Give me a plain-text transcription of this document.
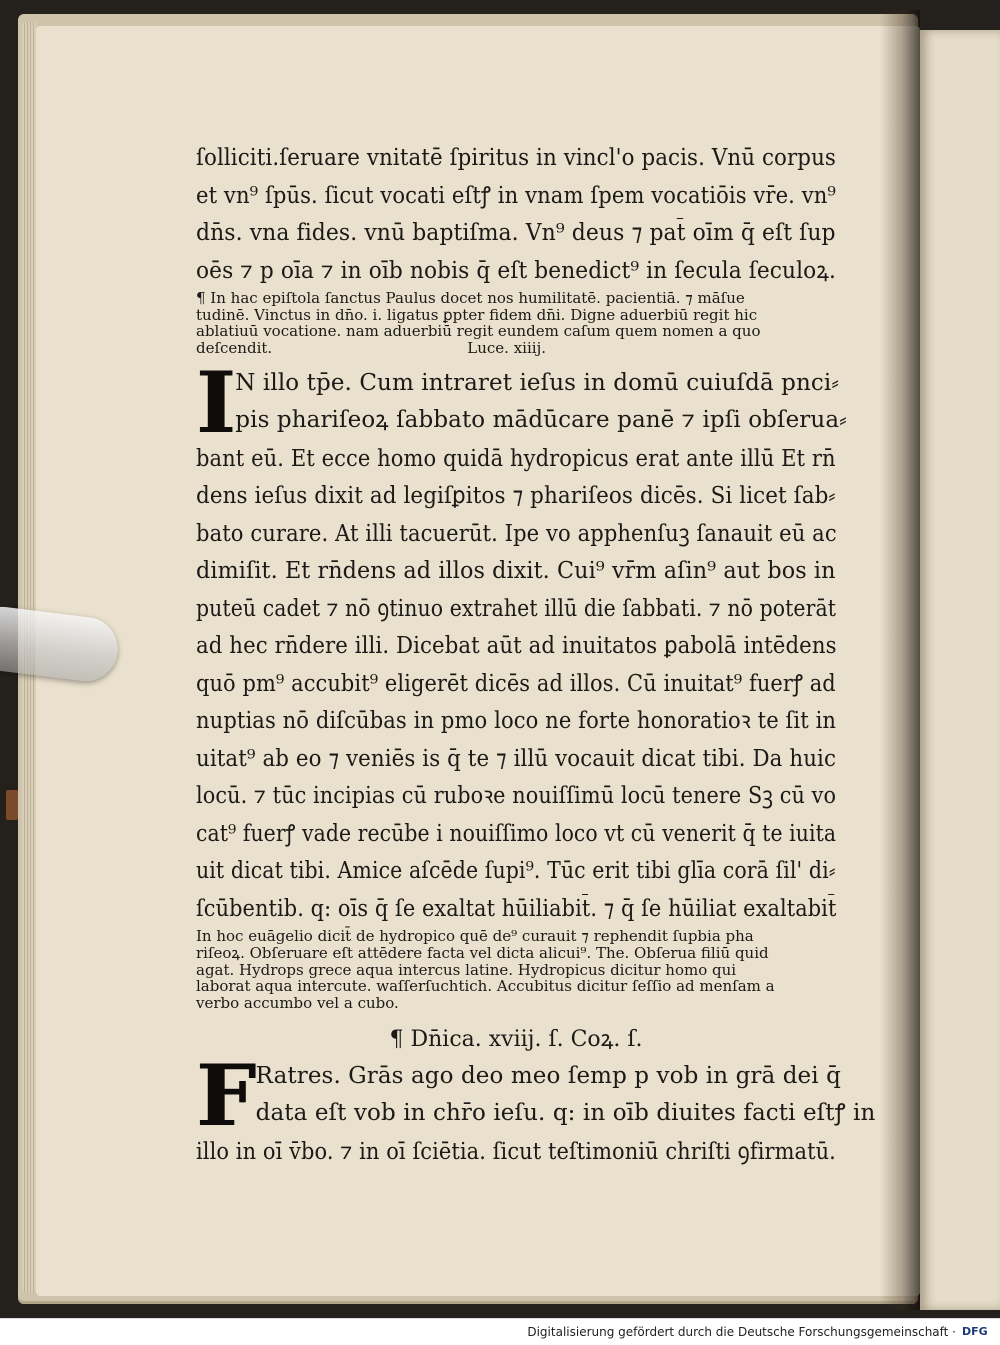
ſolliciti.ſeruare vnitatē ſpiritus in vincl'o pacis. Vnū corpus
et vn⁹ ſpūs. ſicut vocati eſtꝭ in vnam ſpem vocatiōis vr̄e. vn⁹
dn̄s. vna fides. vnū baptiſma. Vn⁹ deus ⁊ pat̄ oīm q̄ eſt ſup
oēs ⁊ p oīa ⁊ in oīb nobis q̄ eſt benedict⁹ in ſecula ſeculoꝝ.
¶ In hac epiſtola ſanctus Paulus docet nos humilitatē. pacientiā. ⁊ māſue
tudinē. Vinctus in dn̄o. i. ligatus ꝑpter fidem dn̄i. Digne aduerbiū regit hic
ablatiuū vocatione. nam aduerbiū regit eundem caſum quem nomen a quo
deſcendit.	Luce. xiiij.
I N illo tp̄e. Cum intraret ieſus in domū cuiuſdā pnci⸗
pis phariſeoꝝ ſabbato mādūcare panē ⁊ ipſi obſerua⸗
bant eū. Et ecce homo quidā hydropicus erat ante illū Et rn̄
dens ieſus dixit ad legiſꝑitos ⁊ phariſeos dicēs. Si licet ſab⸗
bato curare. At illi tacuerūt. Ipe vo apphenſuꝫ ſanauit eū ac
dimiſit. Et rn̄dens ad illos dixit. Cui⁹ vr̄m aſin⁹ aut bos in
puteū cadet ⁊ nō ꝯtinuo extrahet illū die ſabbati. ⁊ nō poterāt
ad hec rn̄dere illi. Dicebat aūt ad inuitatos ꝑabolā intēdens
quō pm⁹ accubit⁹ eligerēt dicēs ad illos. Cū inuitat⁹ fuerꝭ ad
nuptias nō diſcūbas in pmo loco ne forte honoratioꝛ te ſit in
uitat⁹ ab eo ⁊ veniēs is q̄ te ⁊ illū vocauit dicat tibi. Da huic
locū. ⁊ tūc incipias cū ruboꝛe nouiſſimū locū tenere Sꝫ cū vo
cat⁹ fuerꝭ vade recūbe i nouiſſimo loco vt cū venerit q̄ te iuita
uit dicat tibi. Amice aſcēde ſupi⁹. Tūc erit tibi glīa corā ſil' di⸗
ſcūbentib. q: oīs q̄ ſe exaltat hūiliabit̄. ⁊ q̄ ſe hūiliat exaltabit̄
In hoc euāgelio dicit̄ de hydropico quē de⁹ curauit ⁊ rephendit ſupbia pha
riſeoꝝ. Obſeruare eſt attēdere facta vel dicta alicui⁹. The. Obſerua filiū quid
agat. Hydrops grece aqua intercus latine. Hydropicus dicitur homo qui
laborat aqua intercute. waſſerſuchtich. Accubitus dicitur ſeſſio ad menſam a
verbo accumbo vel a cubo.
¶ Dn̄ica. xviij. ſ. Coꝝ. ſ.
F Ratres. Grās ago deo meo ſemp p vob in grā dei q̄
data eſt vob in chr̄o ieſu. q: in oīb diuites facti eſtꝭ in
illo in oī v̄bo. ⁊ in oī ſciētia. ſicut teſtimoniū chriſti ꝯfirmatū.
Digitalisierung gefördert durch die Deutsche Forschungsgemeinschaft · DFG
